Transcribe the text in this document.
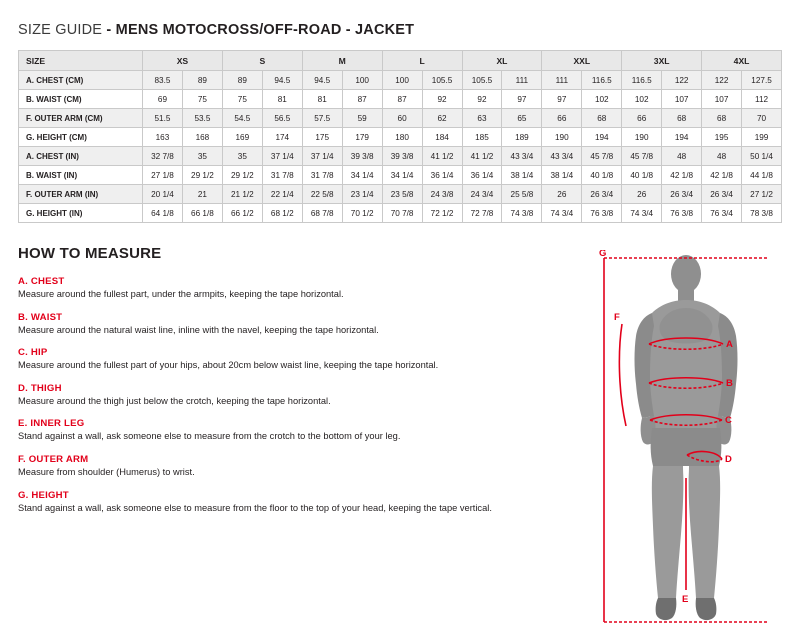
SIZE GUIDE - MENS MOTOCROSS/OFF-ROAD - JACKET
SIZE	XS		S		M		L		XL		XXL		3XL		4XL	
A. CHEST (CM)	83.5	89	89	94.5	94.5	100	100	105.5	105.5	111	111	116.5	116.5	122	122	127.5
B. WAIST (CM)	69	75	75	81	81	87	87	92	92	97	97	102	102	107	107	112
F. OUTER ARM (CM)	51.5	53.5	54.5	56.5	57.5	59	60	62	63	65	66	68	66	68	68	70
G. HEIGHT (CM)	163	168	169	174	175	179	180	184	185	189	190	194	190	194	195	199
A. CHEST (IN)	32 7/8	35	35	37 1/4	37 1/4	39 3/8	39 3/8	41 1/2	41 1/2	43 3/4	43 3/4	45 7/8	45 7/8	48	48	50 1/4
B. WAIST (IN)	27 1/8	29 1/2	29 1/2	31 7/8	31 7/8	34 1/4	34 1/4	36 1/4	36 1/4	38 1/4	38 1/4	40 1/8	40 1/8	42 1/8	42 1/8	44 1/8
F. OUTER ARM (IN)	20 1/4	21	21 1/2	22 1/4	22 5/8	23 1/4	23 5/8	24 3/8	24 3/4	25 5/8	26	26 3/4	26	26 3/4	26 3/4	27 1/2
G. HEIGHT (IN)	64 1/8	66 1/8	66 1/2	68 1/2	68 7/8	70 1/2	70 7/8	72 1/2	72 7/8	74 3/8	74 3/4	76 3/8	74 3/4	76 3/8	76 3/4	78 3/8
HOW TO MEASURE
A. CHEST
Measure around the fullest part, under the armpits, keeping the tape horizontal.
B. WAIST
Measure around the natural waist line, inline with the navel, keeping the tape horizontal.
C. HIP
Measure around the fullest part of your hips, about 20cm below waist line, keeping the tape horizontal.
D. THIGH
Measure around the thigh just below the crotch, keeping the tape horizontal.
E. INNER LEG
Stand against a wall, ask someone else to measure from the crotch to the bottom of your leg.
F. OUTER ARM
Measure from shoulder (Humerus) to wrist.
G. HEIGHT
Stand against a wall, ask someone else to measure from the floor to the top of your head, keeping the tape vertical.
A
B
C
D
E
F
G
